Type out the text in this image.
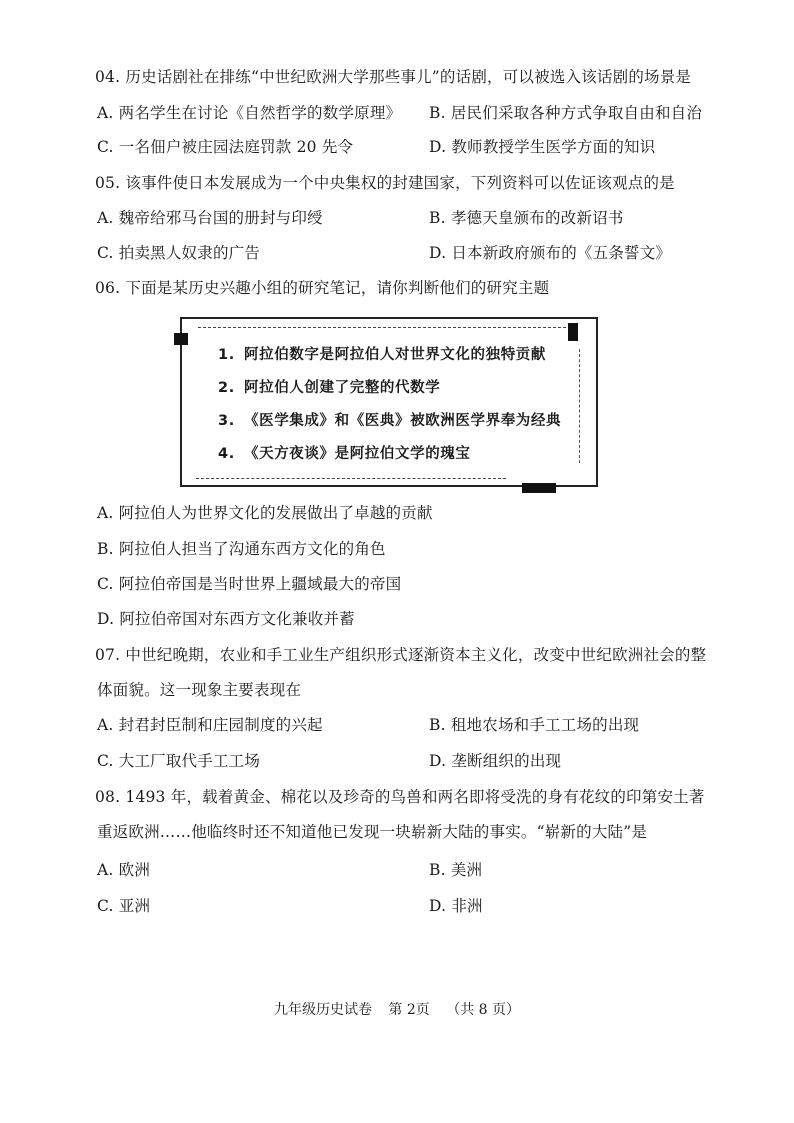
04. 历史话剧社在排练“中世纪欧洲大学那些事儿”的话剧，可以被选入该话剧的场景是
A. 两名学生在讨论《自然哲学的数学原理》 B. 居民们采取各种方式争取自由和自治
C. 一名佃户被庄园法庭罚款 20 先令	D. 教师教授学生医学方面的知识
05. 该事件使日本发展成为一个中央集权的封建国家，下列资料可以佐证该观点的是
A. 魏帝给邪马台国的册封与印绶	B. 孝德天皇颁布的改新诏书
C. 拍卖黑人奴隶的广告	D. 日本新政府颁布的《五条誓文》
06. 下面是某历史兴趣小组的研究笔记，请你判断他们的研究主题
1. 阿拉伯数字是阿拉伯人对世界文化的独特贡献
2. 阿拉伯人创建了完整的代数学
3. 《医学集成》和《医典》被欧洲医学界奉为经典
4. 《天方夜谈》是阿拉伯文学的瑰宝
A. 阿拉伯人为世界文化的发展做出了卓越的贡献
B. 阿拉伯人担当了沟通东西方文化的角色
C. 阿拉伯帝国是当时世界上疆域最大的帝国
D. 阿拉伯帝国对东西方文化兼收并蓄
07. 中世纪晚期，农业和手工业生产组织形式逐渐资本主义化，改变中世纪欧洲社会的整
体面貌。这一现象主要表现在
A. 封君封臣制和庄园制度的兴起	B. 租地农场和手工工场的出现
C. 大工厂取代手工工场	D. 垄断组织的出现
08. 1493 年，载着黄金、棉花以及珍奇的鸟兽和两名即将受洗的身有花纹的印第安土著
重返欧洲……他临终时还不知道他已发现一块崭新大陆的事实。“崭新的大陆”是
A. 欧洲	B. 美洲
C. 亚洲	D. 非洲
九年级历史试卷 第 2页 （共 8 页）
